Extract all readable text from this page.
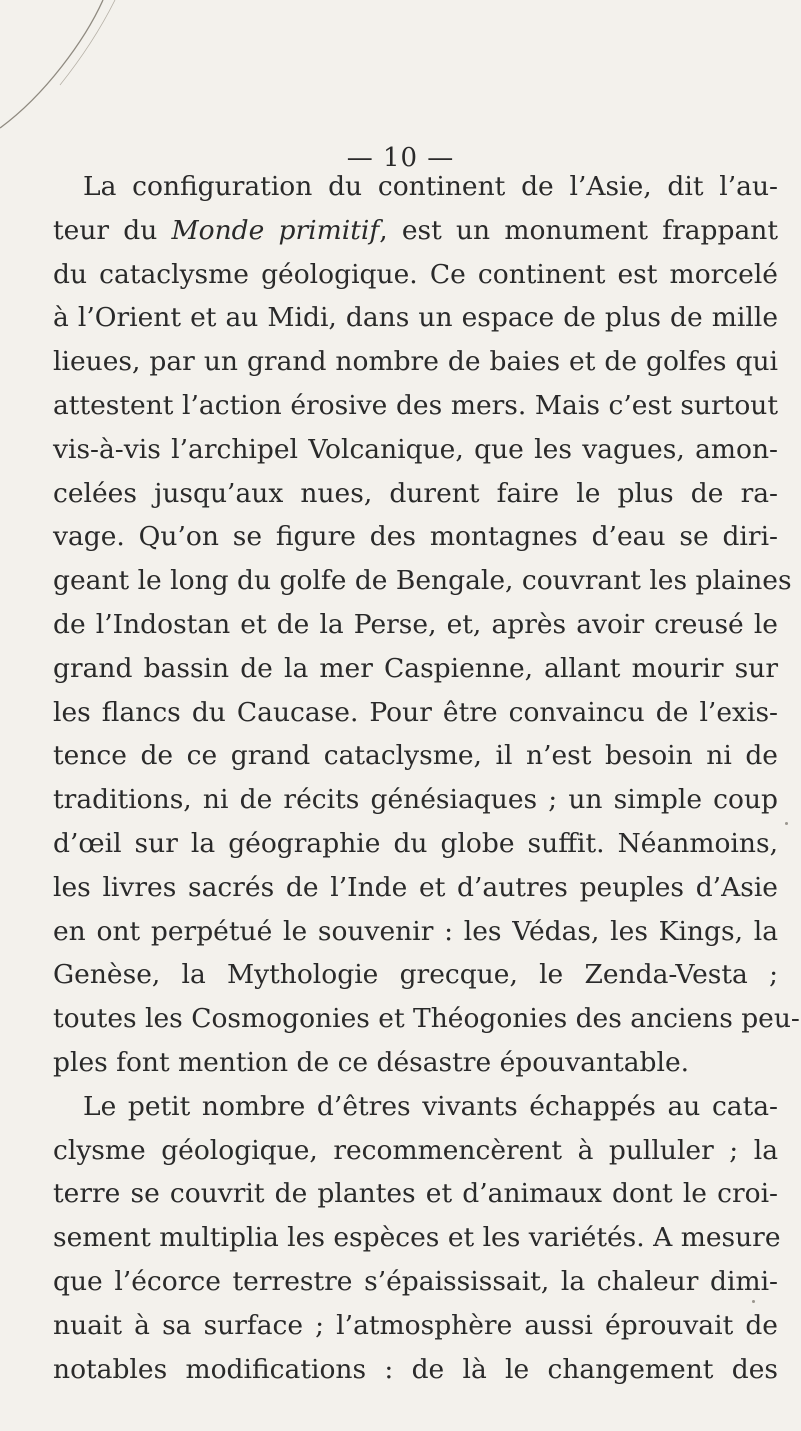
— 10 —
La configuration du continent de l’Asie, dit l’au-
teur du Monde primitif, est un monument frappant
du cataclysme géologique. Ce continent est morcelé
à l’Orient et au Midi, dans un espace de plus de mille
lieues, par un grand nombre de baies et de golfes qui
attestent l’action érosive des mers. Mais c’est surtout
vis-à-vis l’archipel Volcanique, que les vagues, amon-
celées jusqu’aux nues, durent faire le plus de ra-
vage. Qu’on se figure des montagnes d’eau se diri-
geant le long du golfe de Bengale, couvrant les plaines
de l’Indostan et de la Perse, et, après avoir creusé le
grand bassin de la mer Caspienne, allant mourir sur
les flancs du Caucase. Pour être convaincu de l’exis-
tence de ce grand cataclysme, il n’est besoin ni de
traditions, ni de récits génésiaques ; un simple coup
d’œil sur la géographie du globe suffit. Néanmoins,
les livres sacrés de l’Inde et d’autres peuples d’Asie
en ont perpétué le souvenir : les Védas, les Kings, la
Genèse, la Mythologie grecque, le Zenda-Vesta ;
toutes les Cosmogonies et Théogonies des anciens peu-
ples font mention de ce désastre épouvantable.
Le petit nombre d’êtres vivants échappés au cata-
clysme géologique, recommencèrent à pulluler ; la
terre se couvrit de plantes et d’animaux dont le croi-
sement multiplia les espèces et les variétés. A mesure
que l’écorce terrestre s’épaississait, la chaleur dimi-
nuait à sa surface ; l’atmosphère aussi éprouvait de
notables modifications : de là le changement des
